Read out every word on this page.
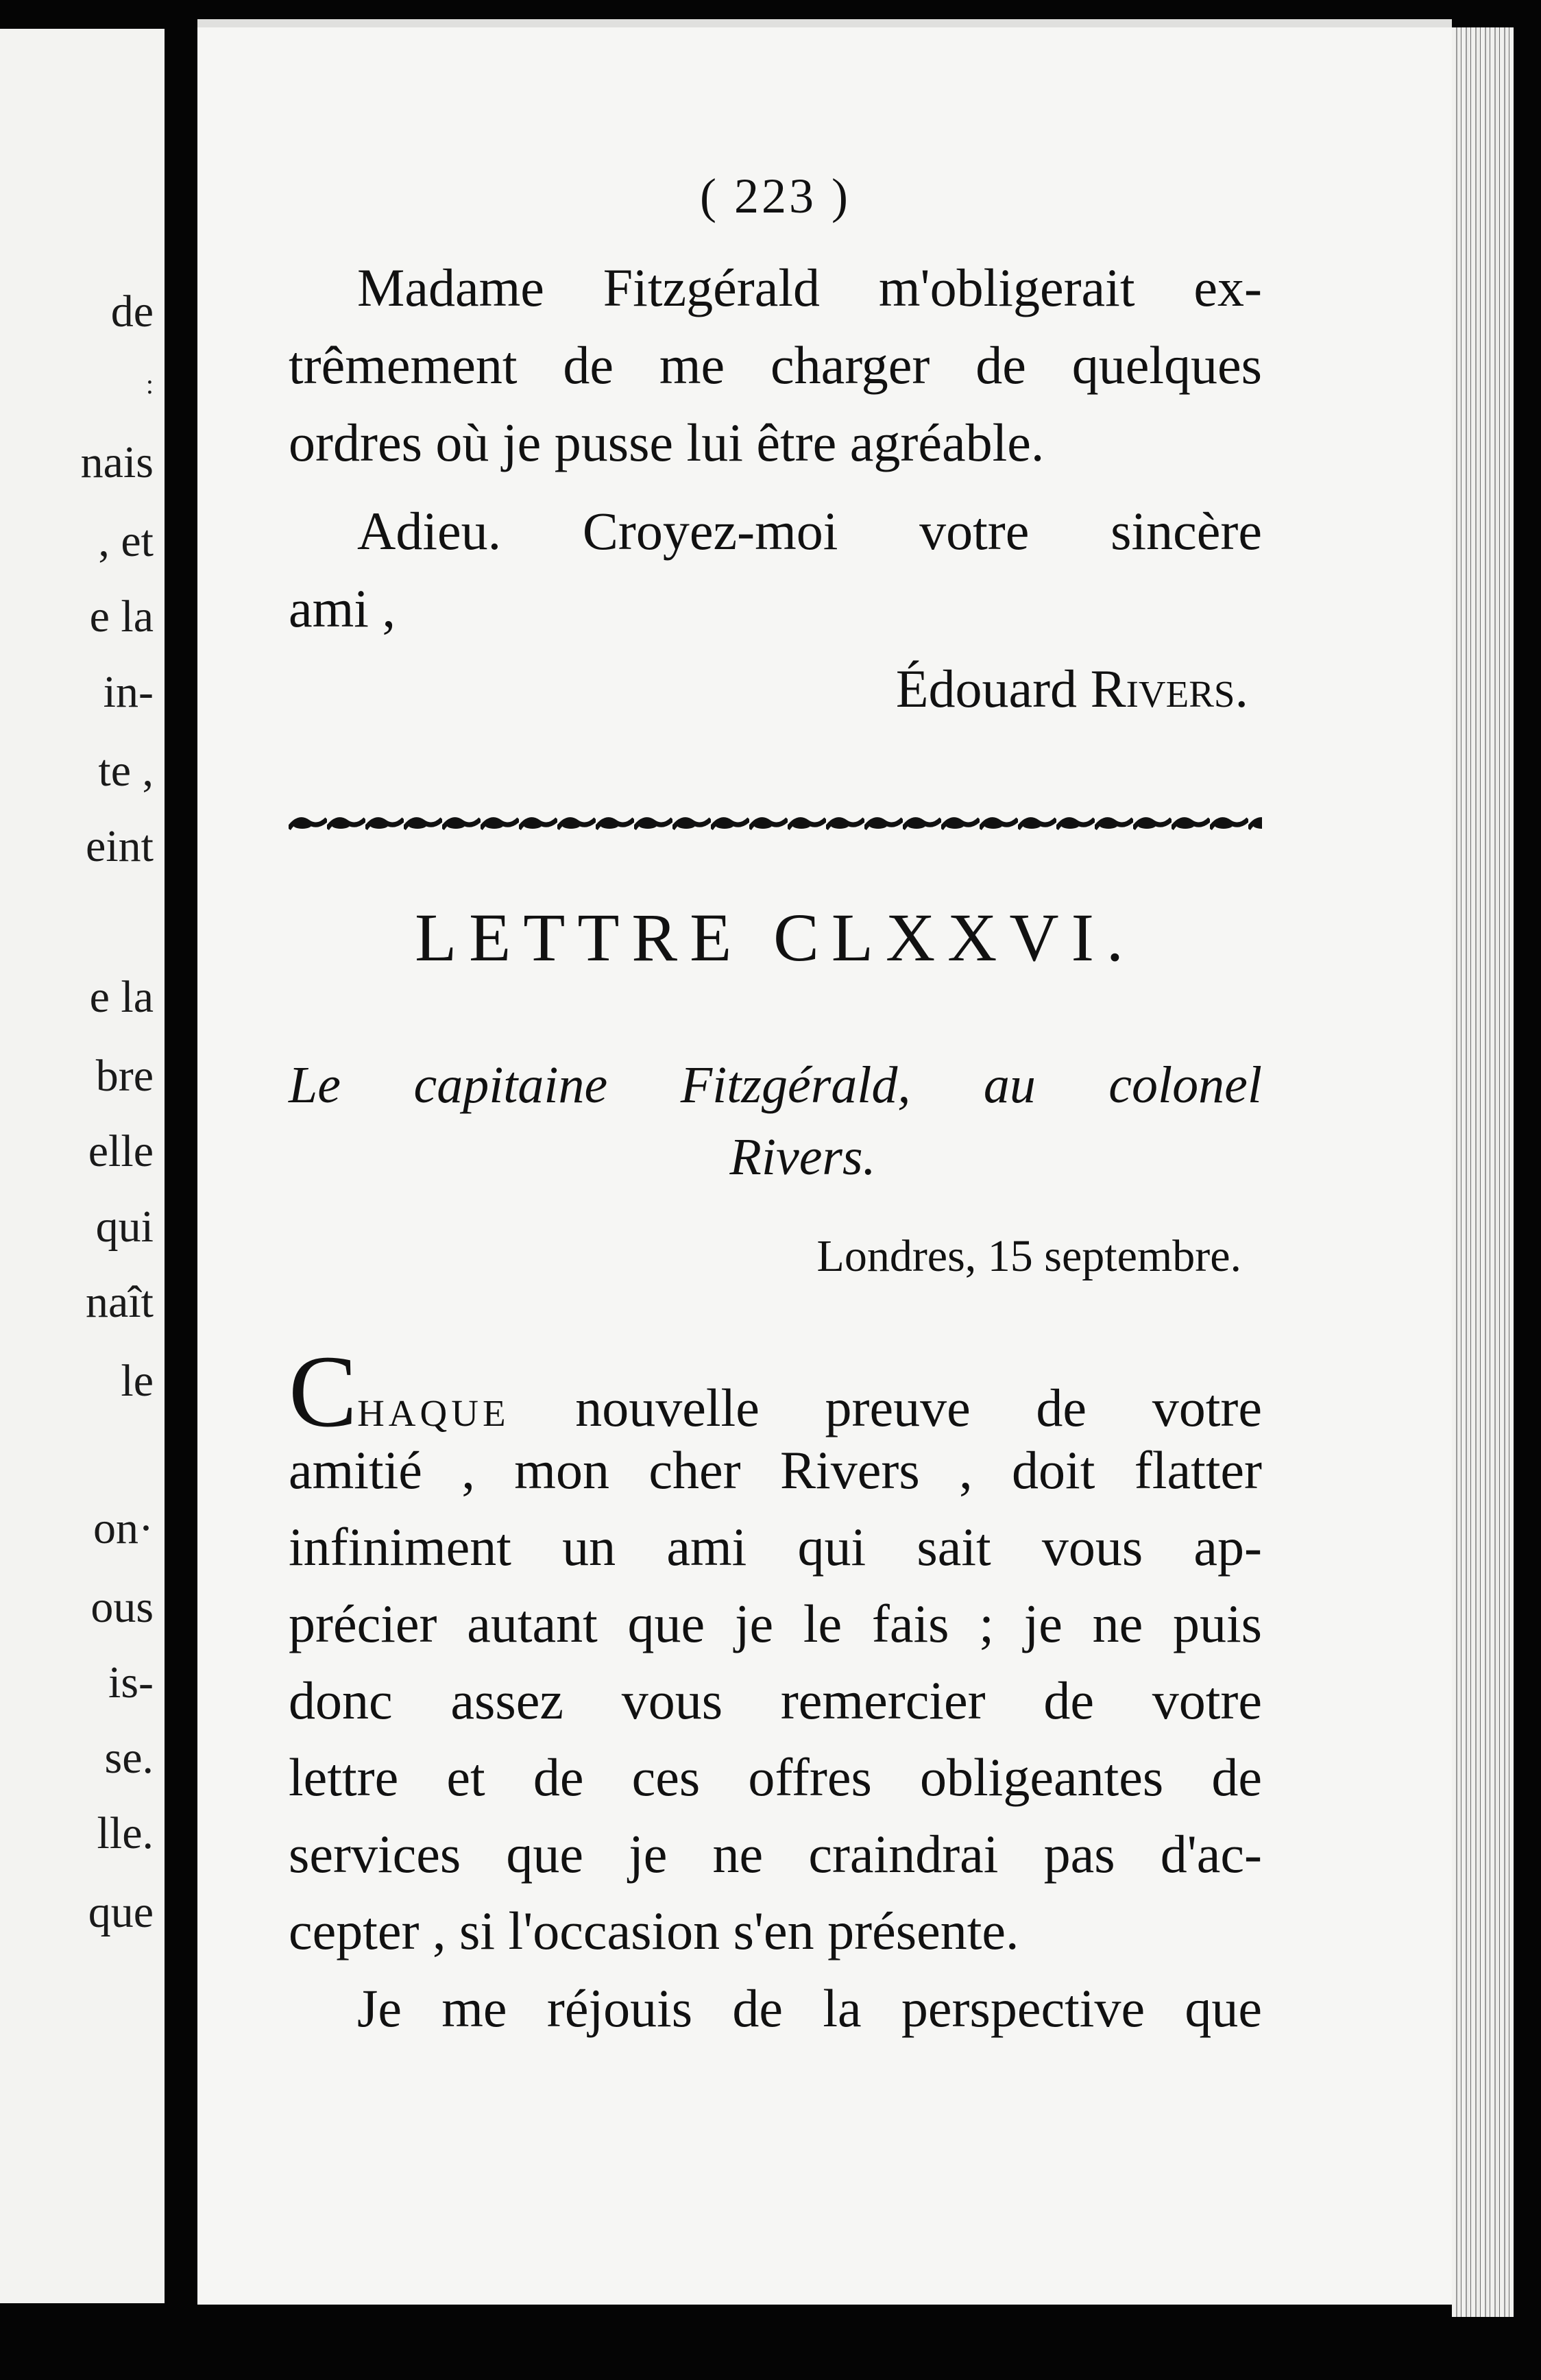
de
:
nais
, et
e la
in-
te ,
eint
e la
bre
elle
qui
naît
le
on·
ous
is-
se.
lle.
que
( 223 )
Madame Fitzgérald m'obligerait ex-
trêmement de me charger de quelques
ordres où je pusse lui être agréable.
Adieu. Croyez-moi votre sincère
ami ,
Édouard Rivers.
LETTRE CLXXVI.
Le capitaine Fitzgérald, au colonel
Rivers.
Londres, 15 septembre.
Chaque nouvelle preuve de votre
amitié , mon cher Rivers , doit flatter
infiniment un ami qui sait vous ap-
précier autant que je le fais ; je ne puis
donc assez vous remercier de votre
lettre et de ces offres obligeantes de
services que je ne craindrai pas d'ac-
cepter , si l'occasion s'en présente.
Je me réjouis de la perspective que
